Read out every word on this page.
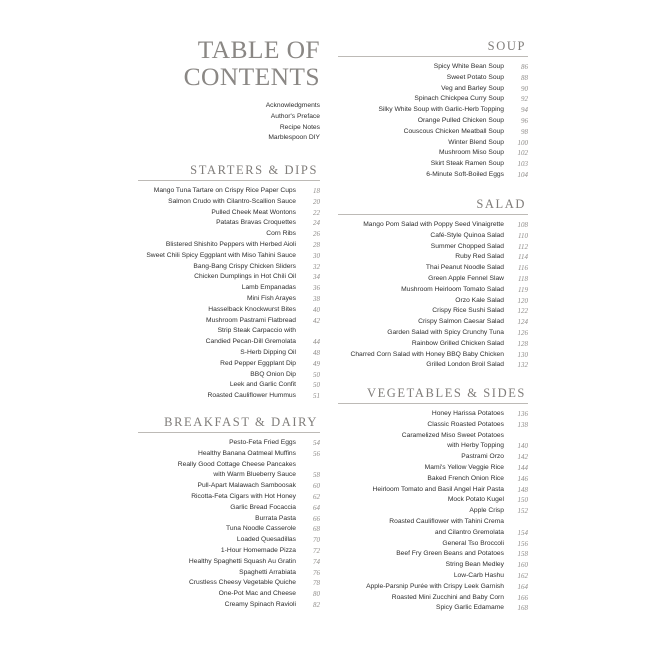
TABLE OF
CONTENTS
Acknowledgments
Author's Preface
Recipe Notes
Marblespoon DIY
STARTERS & DIPS
Mango Tuna Tartare on Crispy Rice Paper Cups	18
Salmon Crudo with Cilantro-Scallion Sauce	20
Pulled Cheek Meat Wontons	22
Patatas Bravas Croquettes	24
Corn Ribs	26
Blistered Shishito Peppers with Herbed Aioli	28
Sweet Chili Spicy Eggplant with Miso Tahini Sauce	30
Bang-Bang Crispy Chicken Sliders	32
Chicken Dumplings in Hot Chili Oil	34
Lamb Empanadas	36
Mini Fish Arayes	38
Hasselback Knockwurst Bites	40
Mushroom Pastrami Flatbread	42
Strip Steak Carpaccio with
Candied Pecan-Dill Gremolata	44
S-Herb Dipping Oil	48
Red Pepper Eggplant Dip	49
BBQ Onion Dip	50
Leek and Garlic Confit	50
Roasted Cauliflower Hummus	51
BREAKFAST & DAIRY
Pesto-Feta Fried Eggs	54
Healthy Banana Oatmeal Muffins	56
Really Good Cottage Cheese Pancakes
with Warm Blueberry Sauce	58
Pull-Apart Malawach Samboosak	60
Ricotta-Feta Cigars with Hot Honey	62
Garlic Bread Focaccia	64
Burrata Pasta	66
Tuna Noodle Casserole	68
Loaded Quesadillas	70
1-Hour Homemade Pizza	72
Healthy Spaghetti Squash Au Gratin	74
Spaghetti Arrabiata	76
Crustless Cheesy Vegetable Quiche	78
One-Pot Mac and Cheese	80
Creamy Spinach Ravioli	82
SOUP
Spicy White Bean Soup	86
Sweet Potato Soup	88
Veg and Barley Soup	90
Spinach Chickpea Curry Soup	92
Silky White Soup with Garlic-Herb Topping	94
Orange Pulled Chicken Soup	96
Couscous Chicken Meatball Soup	98
Winter Blend Soup	100
Mushroom Miso Soup	102
Skirt Steak Ramen Soup	103
6-Minute Soft-Boiled Eggs	104
SALAD
Mango Pom Salad with Poppy Seed Vinaigrette	108
Café-Style Quinoa Salad	110
Summer Chopped Salad	112
Ruby Red Salad	114
Thai Peanut Noodle Salad	116
Green Apple Fennel Slaw	118
Mushroom Heirloom Tomato Salad	119
Orzo Kale Salad	120
Crispy Rice Sushi Salad	122
Crispy Salmon Caesar Salad	124
Garden Salad with Spicy Crunchy Tuna	126
Rainbow Grilled Chicken Salad	128
Charred Corn Salad with Honey BBQ Baby Chicken	130
Grilled London Broil Salad	132
VEGETABLES & SIDES
Honey Harissa Potatoes	136
Classic Roasted Potatoes	138
Caramelized Miso Sweet Potatoes
with Herby Topping	140
Pastrami Orzo	142
Mami's Yellow Veggie Rice	144
Baked French Onion Rice	146
Heirloom Tomato and Basil Angel Hair Pasta	148
Mock Potato Kugel	150
Apple Crisp	152
Roasted Cauliflower with Tahini Crema
and Cilantro Gremolata	154
General Tso Broccoli	156
Beef Fry Green Beans and Potatoes	158
String Bean Medley	160
Low-Carb Hashu	162
Apple-Parsnip Purée with Crispy Leek Garnish	164
Roasted Mini Zucchini and Baby Corn	166
Spicy Garlic Edamame	168
